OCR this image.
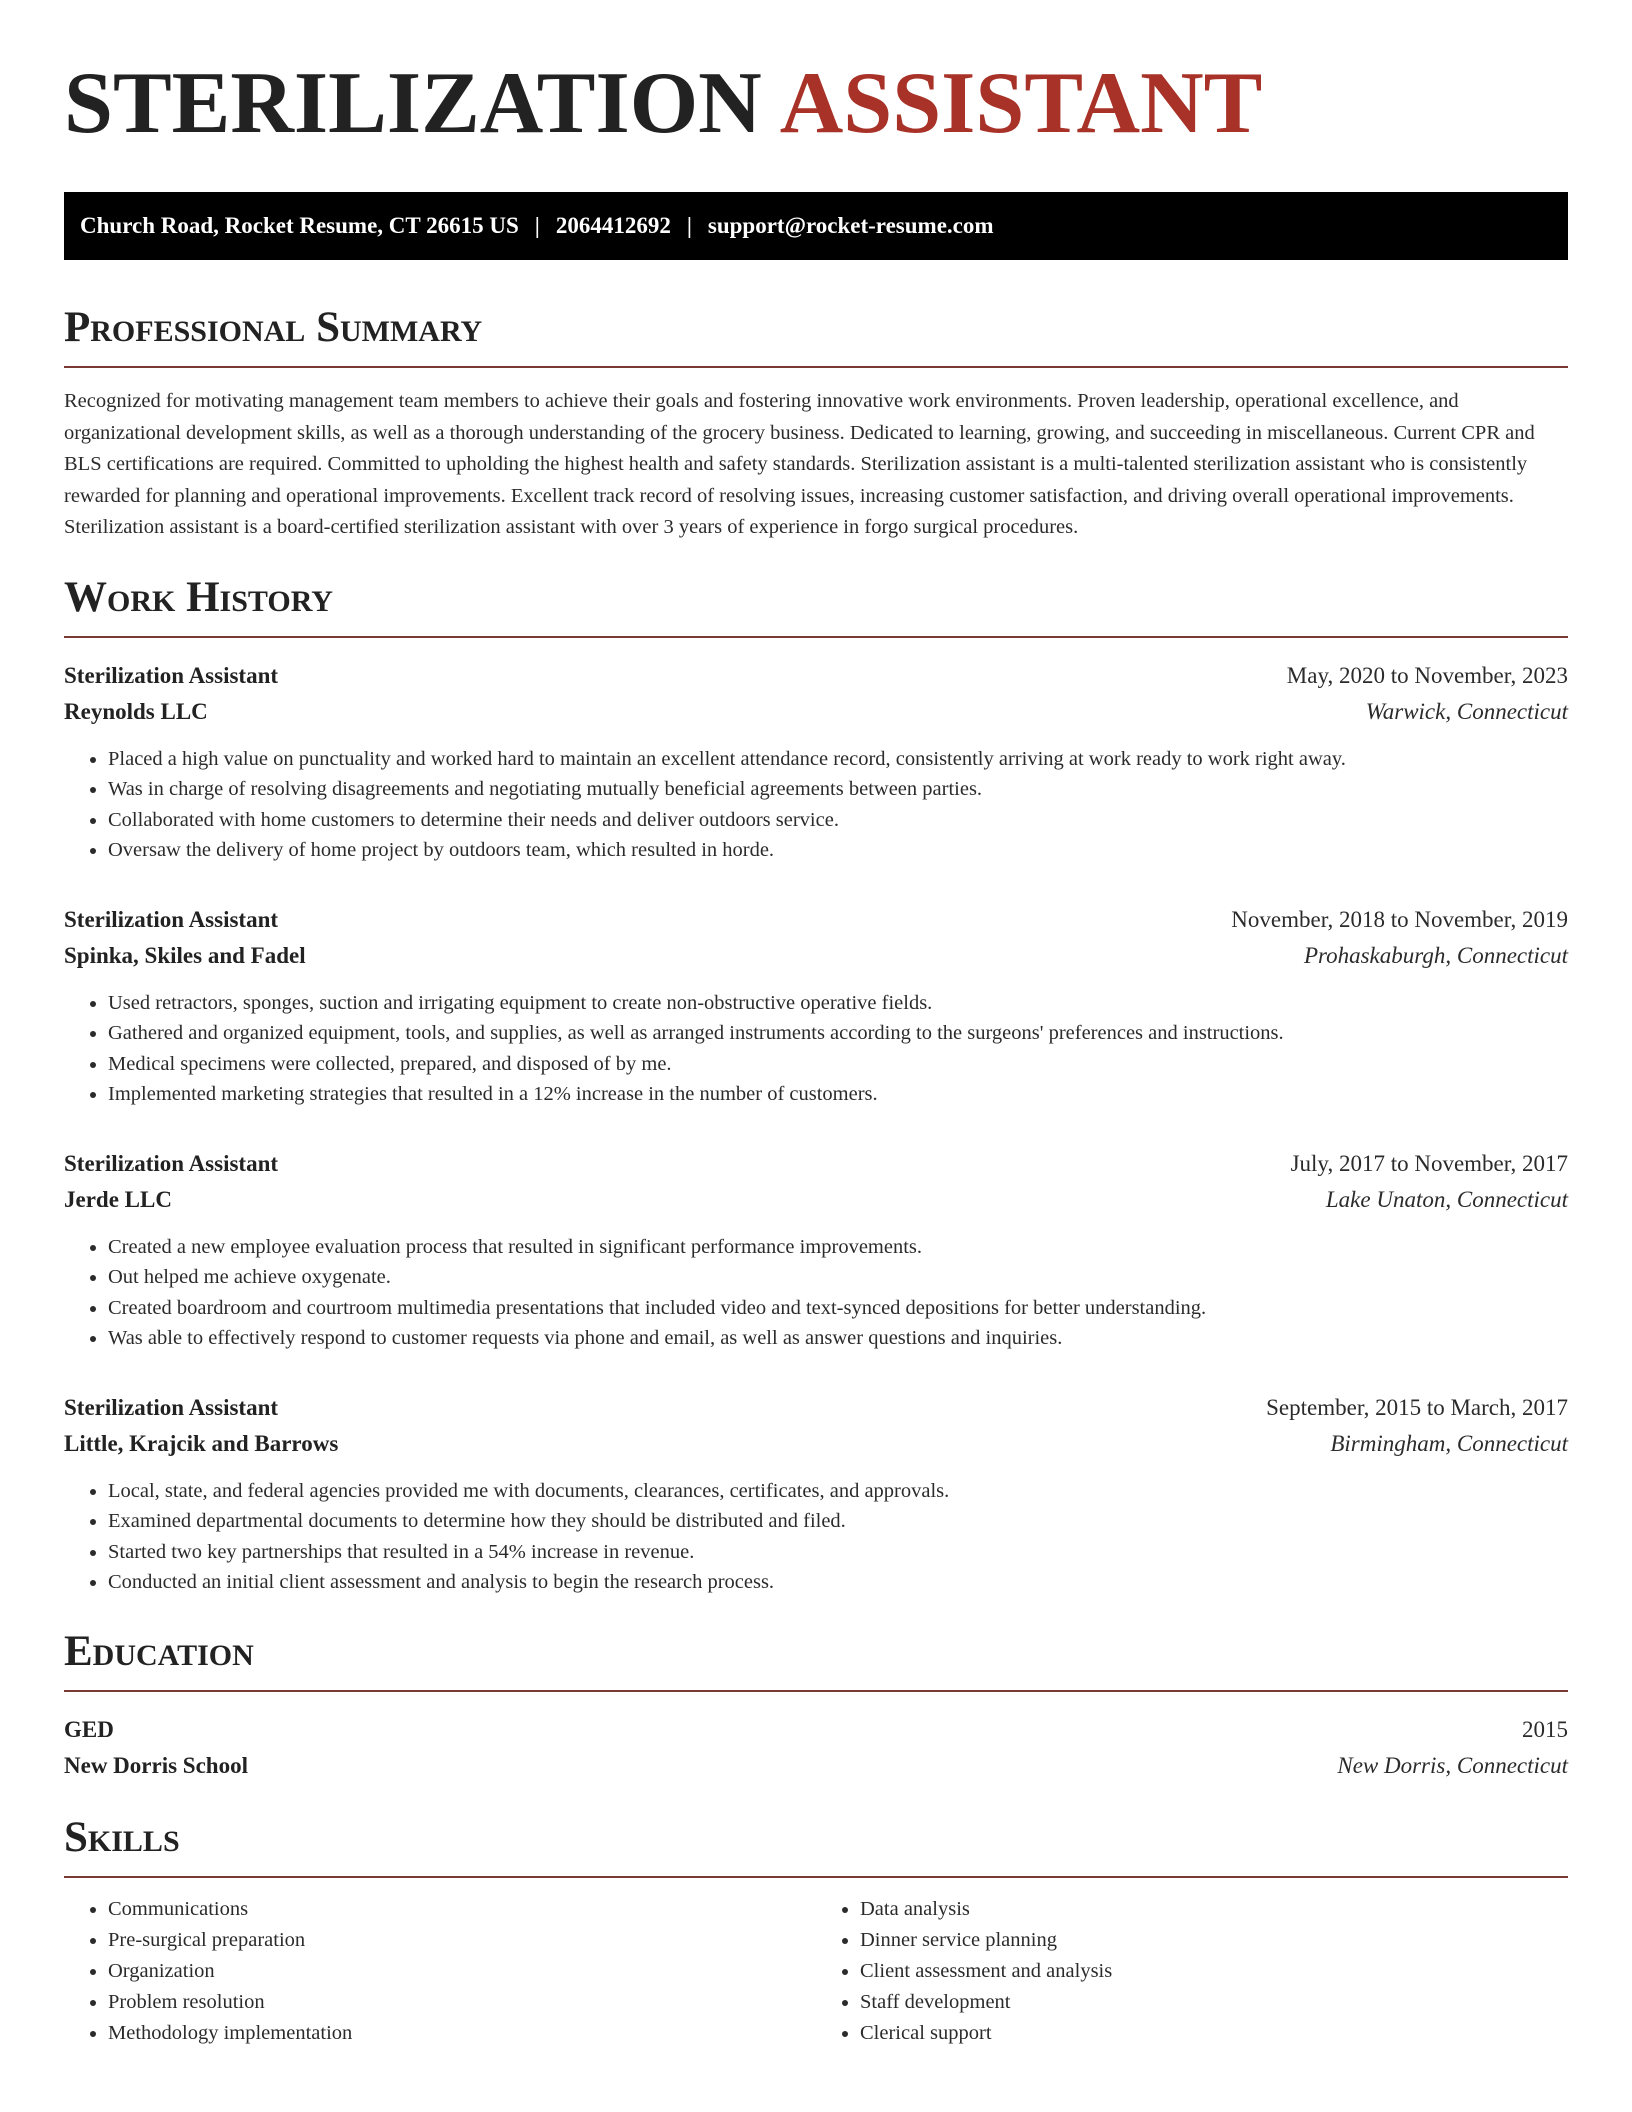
STERILIZATION ASSISTANT
Church Road, Rocket Resume, CT 26615 US | 2064412692 | support@rocket-resume.com
Professional Summary
Recognized for motivating management team members to achieve their goals and fostering innovative work environments. Proven leadership, operational excellence, and organizational development skills, as well as a thorough understanding of the grocery business. Dedicated to learning, growing, and succeeding in miscellaneous. Current CPR and BLS certifications are required. Committed to upholding the highest health and safety standards. Sterilization assistant is a multi-talented sterilization assistant who is consistently rewarded for planning and operational improvements. Excellent track record of resolving issues, increasing customer satisfaction, and driving overall operational improvements. Sterilization assistant is a board-certified sterilization assistant with over 3 years of experience in forgo surgical procedures.
Work History
Sterilization Assistant	May, 2020 to November, 2023
Reynolds LLC	Warwick, Connecticut
• Placed a high value on punctuality and worked hard to maintain an excellent attendance record, consistently arriving at work ready to work right away.
• Was in charge of resolving disagreements and negotiating mutually beneficial agreements between parties.
• Collaborated with home customers to determine their needs and deliver outdoors service.
• Oversaw the delivery of home project by outdoors team, which resulted in horde.
Sterilization Assistant	November, 2018 to November, 2019
Spinka, Skiles and Fadel	Prohaskaburgh, Connecticut
• Used retractors, sponges, suction and irrigating equipment to create non-obstructive operative fields.
• Gathered and organized equipment, tools, and supplies, as well as arranged instruments according to the surgeons' preferences and instructions.
• Medical specimens were collected, prepared, and disposed of by me.
• Implemented marketing strategies that resulted in a 12% increase in the number of customers.
Sterilization Assistant	July, 2017 to November, 2017
Jerde LLC	Lake Unaton, Connecticut
• Created a new employee evaluation process that resulted in significant performance improvements.
• Out helped me achieve oxygenate.
• Created boardroom and courtroom multimedia presentations that included video and text-synced depositions for better understanding.
• Was able to effectively respond to customer requests via phone and email, as well as answer questions and inquiries.
Sterilization Assistant	September, 2015 to March, 2017
Little, Krajcik and Barrows	Birmingham, Connecticut
• Local, state, and federal agencies provided me with documents, clearances, certificates, and approvals.
• Examined departmental documents to determine how they should be distributed and filed.
• Started two key partnerships that resulted in a 54% increase in revenue.
• Conducted an initial client assessment and analysis to begin the research process.
Education
GED	2015
New Dorris School	New Dorris, Connecticut
Skills
• Communications
• Pre-surgical preparation
• Organization
• Problem resolution
• Methodology implementation
• Data analysis
• Dinner service planning
• Client assessment and analysis
• Staff development
• Clerical support
